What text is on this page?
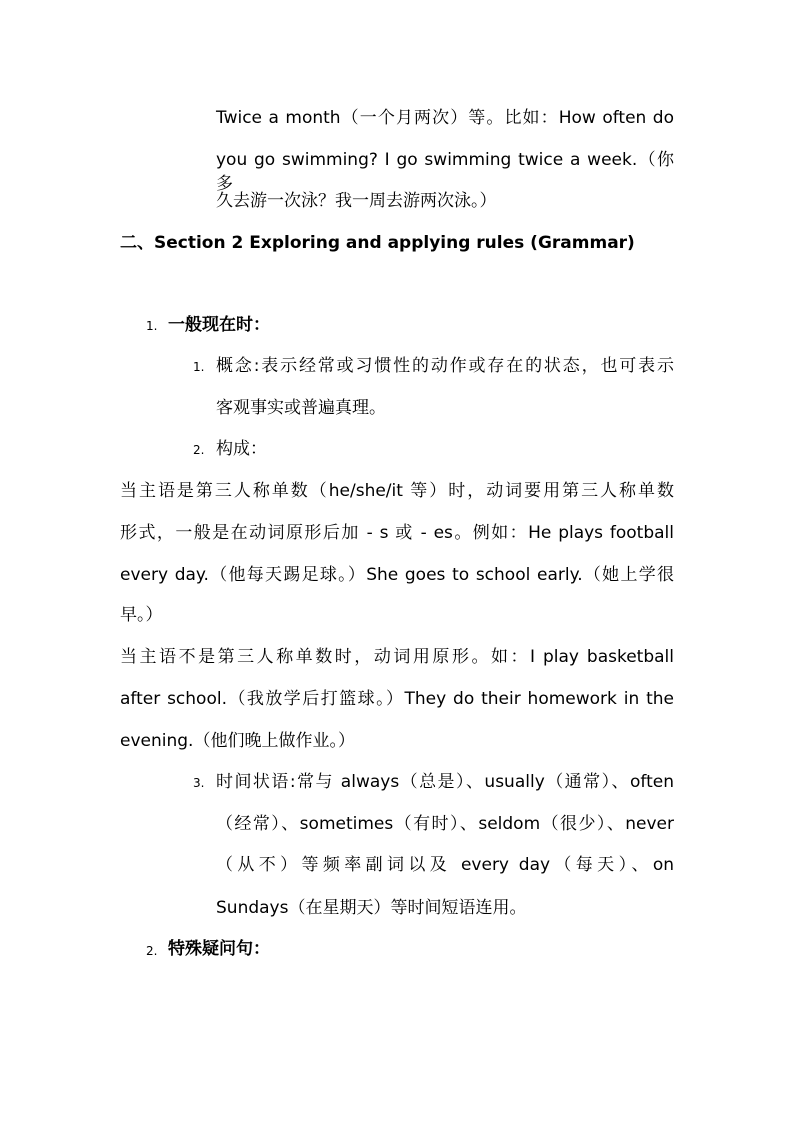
Twice a month（一个月两次）等。比如：How often do
you go swimming? I go swimming twice a week.（你多
久去游一次泳？我一周去游两次泳。）
二、Section 2 Exploring and applying rules (Grammar)
1. 一般现在时：
1. 概念:表示经常或习惯性的动作或存在的状态，也可表示
客观事实或普遍真理。
2. 构成：
当主语是第三人称单数（he/she/it 等）时，动词要用第三人称单数
形式，一般是在动词原形后加 - s 或 - es。例如：He plays football
every day.（他每天踢足球。）She goes to school early.（她上学很
早。）
当主语不是第三人称单数时，动词用原形。如：I play basketball
after school.（我放学后打篮球。）They do their homework in the
evening.（他们晚上做作业。）
3. 时间状语:常与 always（总是）、usually（通常）、often
（经常）、sometimes（有时）、seldom（很少）、never
（从不）等频率副词以及 every day（每天）、on
Sundays（在星期天）等时间短语连用。
2. 特殊疑问句：
